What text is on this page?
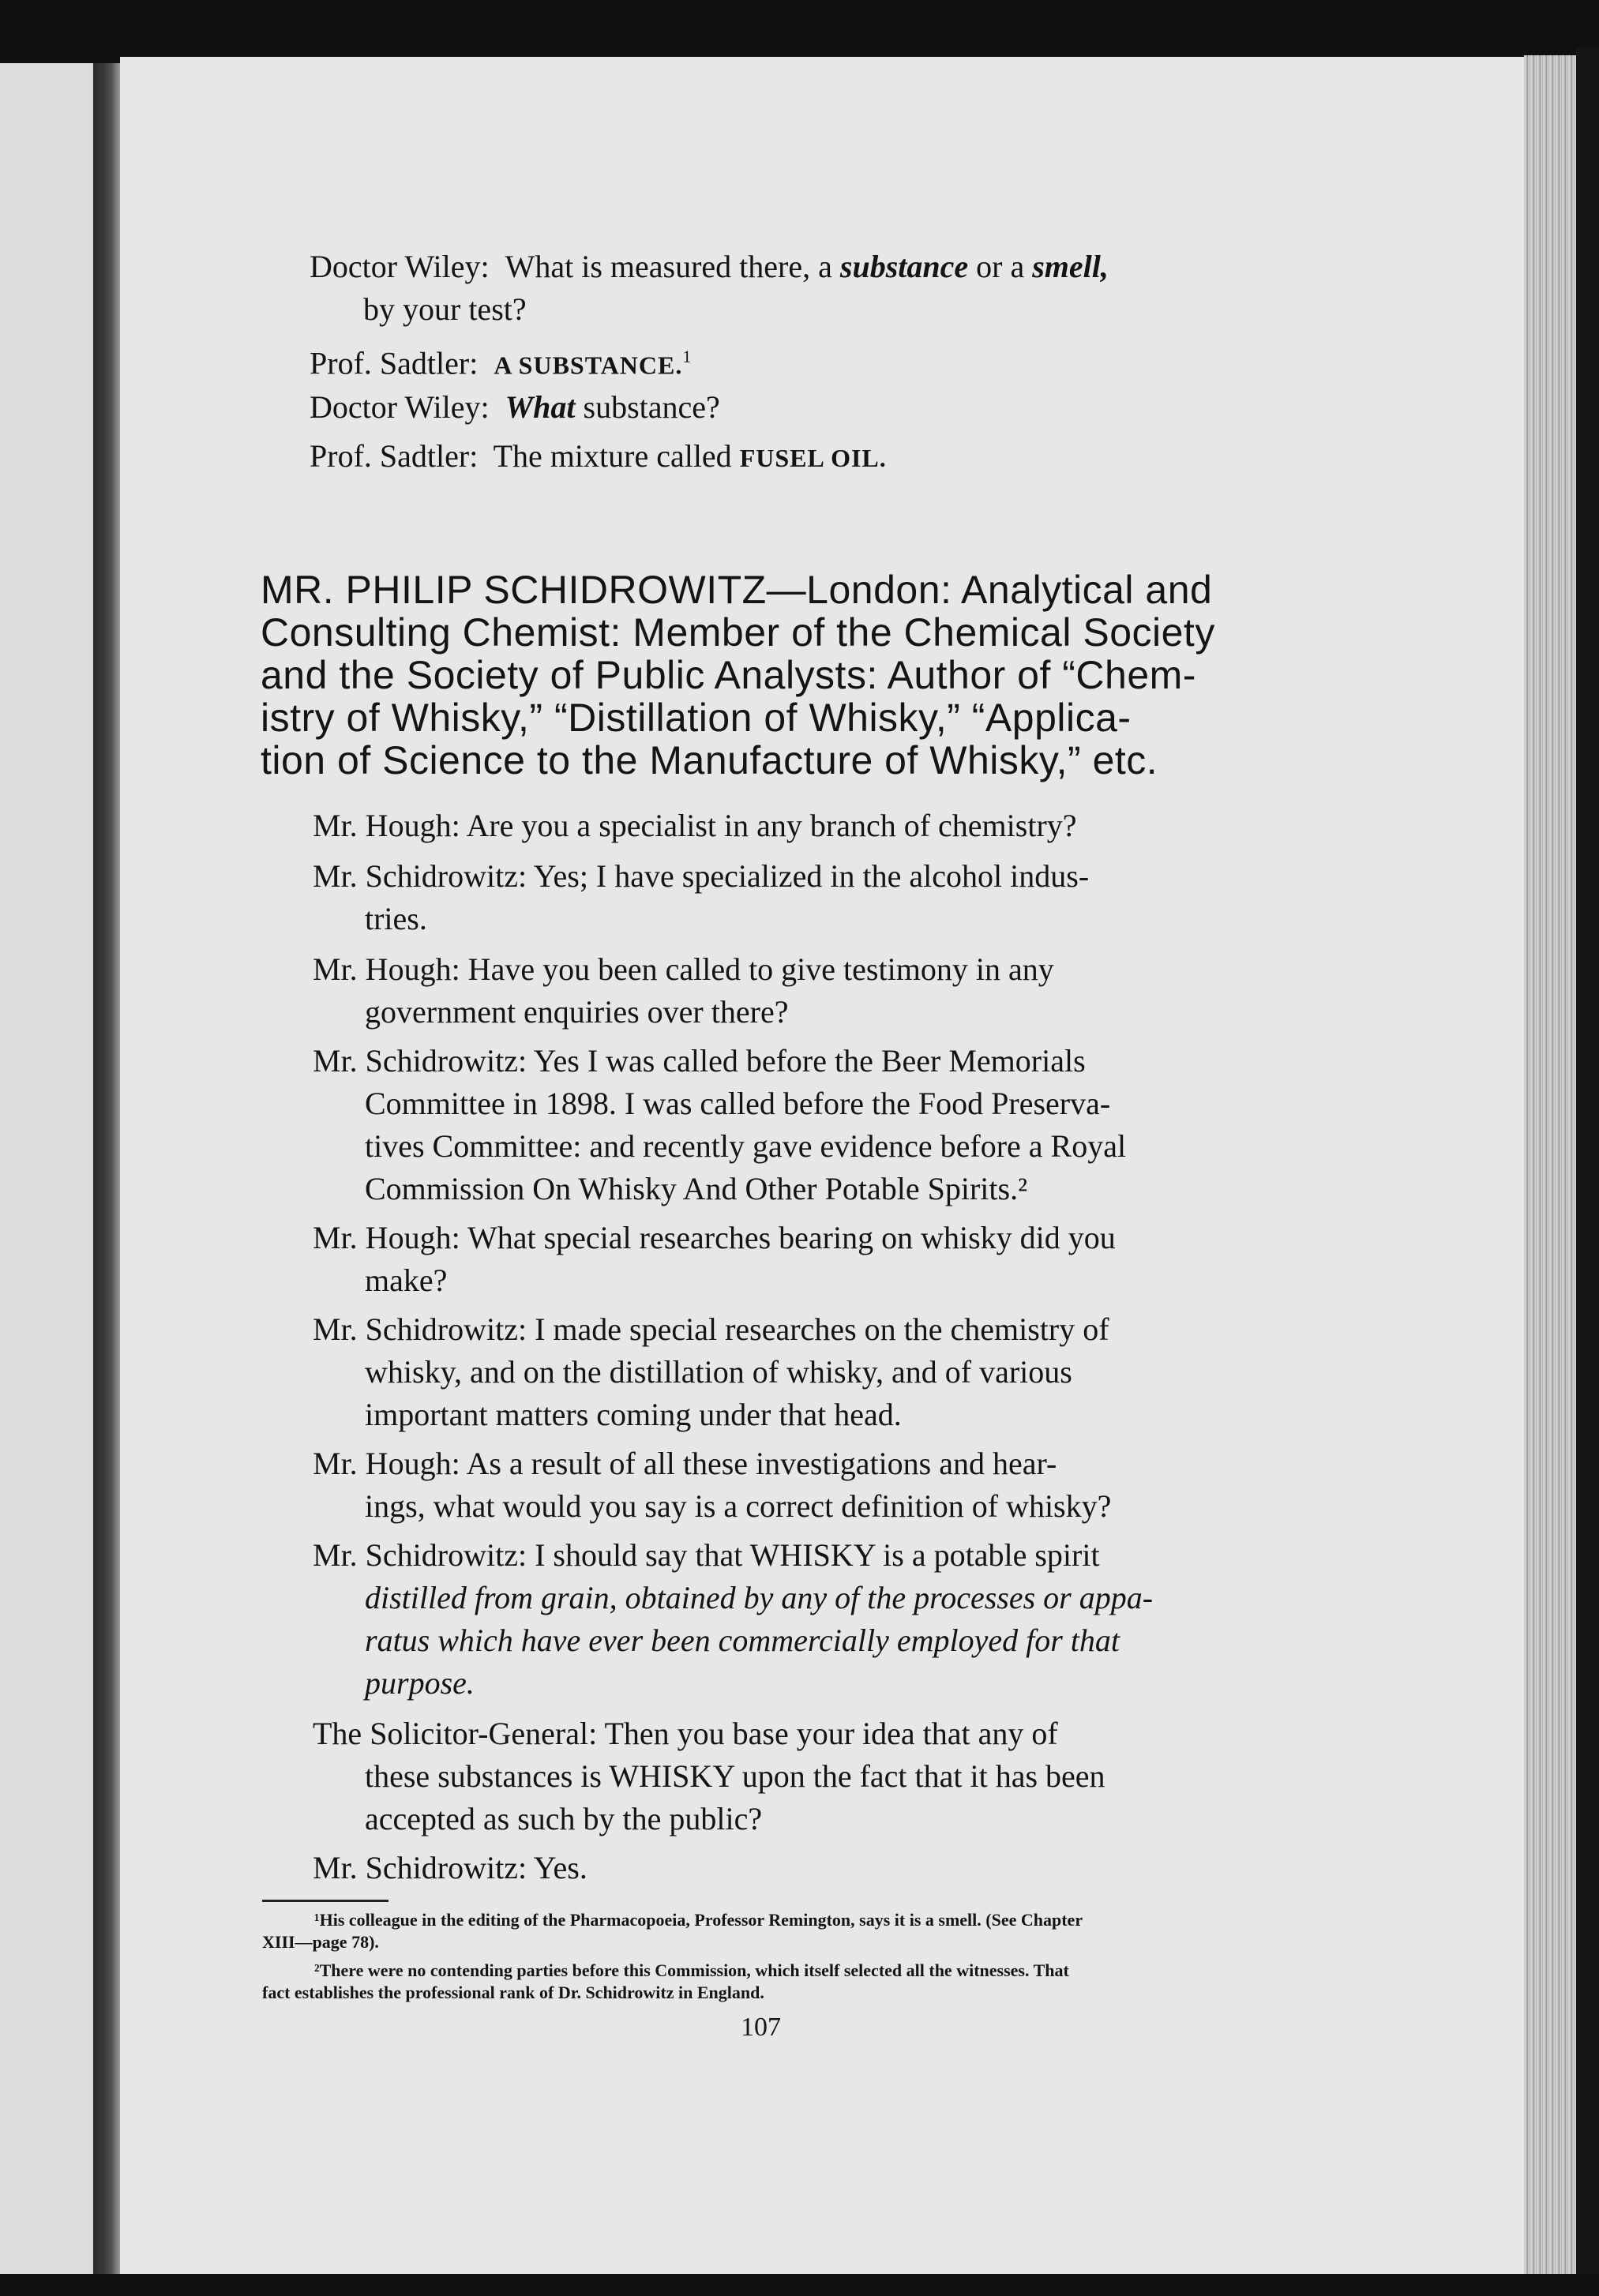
Doctor Wiley: What is measured there, a substance or a smell,
by your test?
Prof. Sadtler: A SUBSTANCE.$^1$
Doctor Wiley: What substance?
Prof. Sadtler: The mixture called FUSEL OIL.
MR. PHILIP SCHIDROWITZ—London: Analytical and
Consulting Chemist: Member of the Chemical Society
and the Society of Public Analysts: Author of “Chem-
istry of Whisky,” “Distillation of Whisky,” “Applica-
tion of Science to the Manufacture of Whisky,” etc.
Mr. Hough: Are you a specialist in any branch of chemistry?
Mr. Schidrowitz: Yes; I have specialized in the alcohol indus-
tries.
Mr. Hough: Have you been called to give testimony in any
government enquiries over there?
Mr. Schidrowitz: Yes I was called before the Beer Memorials
Committee in 1898. I was called before the Food Preserva-
tives Committee: and recently gave evidence before a Royal
Commission On Whisky And Other Potable Spirits.²
Mr. Hough: What special researches bearing on whisky did you
make?
Mr. Schidrowitz: I made special researches on the chemistry of
whisky, and on the distillation of whisky, and of various
important matters coming under that head.
Mr. Hough: As a result of all these investigations and hear-
ings, what would you say is a correct definition of whisky?
Mr. Schidrowitz: I should say that WHISKY is a potable spirit
distilled from grain, obtained by any of the processes or appa-
ratus which have ever been commercially employed for that
purpose.
The Solicitor-General: Then you base your idea that any of
these substances is WHISKY upon the fact that it has been
accepted as such by the public?
Mr. Schidrowitz: Yes.
¹His colleague in the editing of the Pharmacopoeia, Professor Remington, says it is a smell. (See Chapter
XIII—page 78).
²There were no contending parties before this Commission, which itself selected all the witnesses. That
fact establishes the professional rank of Dr. Schidrowitz in England.
107
